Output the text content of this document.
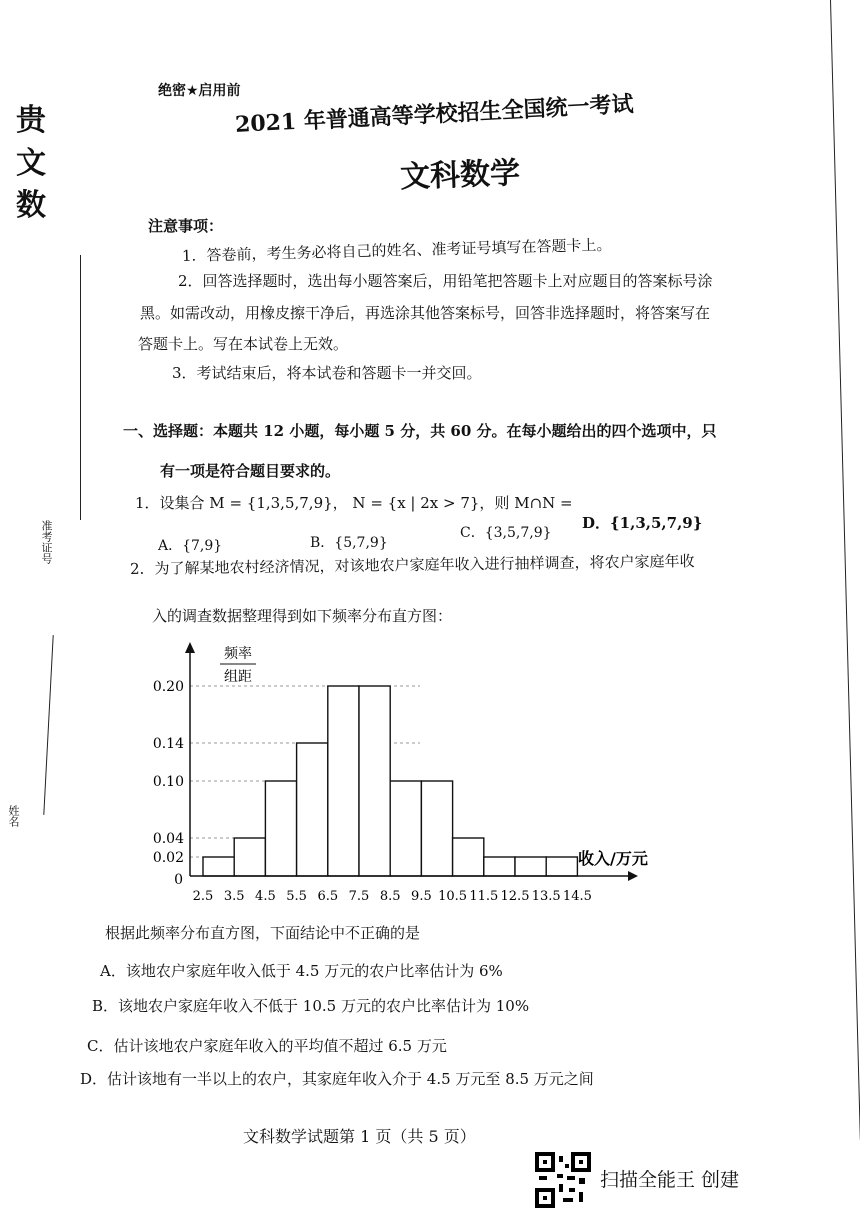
贵
文
数
准考证号
姓名
绝密★启用前
2021 年普通高等学校招生全国统一考试
文科数学
注意事项：
1．答卷前，考生务必将自己的姓名、准考证号填写在答题卡上。
2．回答选择题时，选出每小题答案后，用铅笔把答题卡上对应题目的答案标号涂
黑。如需改动，用橡皮擦干净后，再选涂其他答案标号，回答非选择题时，将答案写在
答题卡上。写在本试卷上无效。
3．考试结束后，将本试卷和答题卡一并交回。
一、选择题：本题共 12 小题，每小题 5 分，共 60 分。在每小题给出的四个选项中，只
有一项是符合题目要求的。
1．设集合 M = {1,3,5,7,9}， N = {x | 2x > 7}，则 M∩N =
A．{7,9}	B．{5,7,9}
C．{3,5,7,9}
D．{1,3,5,7,9}
2．为了解某地农村经济情况，对该地农户家庭年收入进行抽样调查，将农户家庭年收
入的调查数据整理得到如下频率分布直方图：
0.02
0.04
0.10
0.14
0.20
0
2.5 3.5 4.5 5.5 6.5 7.5 8.5 9.5 10.5 11.5 12.5 13.5 14.5
频率
组距
收入/万元
根据此频率分布直方图，下面结论中不正确的是
A．该地农户家庭年收入低于 4.5 万元的农户比率估计为 6%
B．该地农户家庭年收入不低于 10.5 万元的农户比率估计为 10%
C．估计该地农户家庭年收入的平均值不超过 6.5 万元
D．估计该地有一半以上的农户，其家庭年收入介于 4.5 万元至 8.5 万元之间
文科数学试题第 1 页（共 5 页）
扫描全能王 创建
